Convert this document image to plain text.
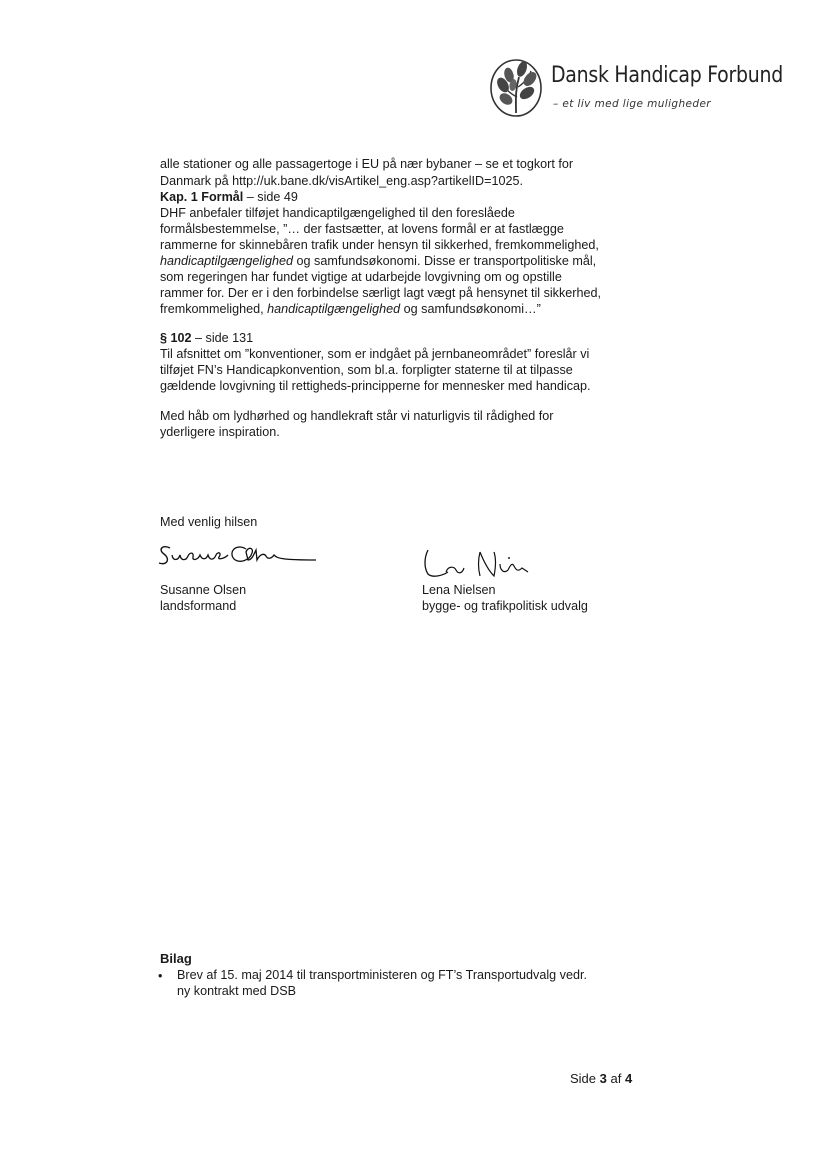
Dansk Handicap Forbund
– et liv med lige muligheder
alle stationer og alle passagertoge i EU på nær bybaner – se et togkort for
Danmark på http://uk.bane.dk/visArtikel_eng.asp?artikelID=1025.
Kap. 1 Formål – side 49
DHF anbefaler tilføjet handicaptilgængelighed til den foreslåede
formålsbestemmelse, ”… der fastsætter, at lovens formål er at fastlægge
rammerne for skinnebåren trafik under hensyn til sikkerhed, fremkommelighed,
handicaptilgængelighed og samfundsøkonomi. Disse er transportpolitiske mål,
som regeringen har fundet vigtige at udarbejde lovgivning om og opstille
rammer for. Der er i den forbindelse særligt lagt vægt på hensynet til sikkerhed,
fremkommelighed, handicaptilgængelighed og samfundsøkonomi…”
§ 102 – side 131
Til afsnittet om ”konventioner, som er indgået på jernbaneområdet” foreslår vi
tilføjet FN’s Handicapkonvention, som bl.a. forpligter staterne til at tilpasse
gældende lovgivning til rettigheds-principperne for mennesker med handicap.
Med håb om lydhørhed og handlekraft står vi naturligvis til rådighed for
yderligere inspiration.
Med venlig hilsen
Susanne Olsen
landsformand
Lena Nielsen
bygge- og trafikpolitisk udvalg
Bilag
• Brev af 15. maj 2014 til transportministeren og FT’s Transportudvalg vedr.
ny kontrakt med DSB
Side 3 af 4
